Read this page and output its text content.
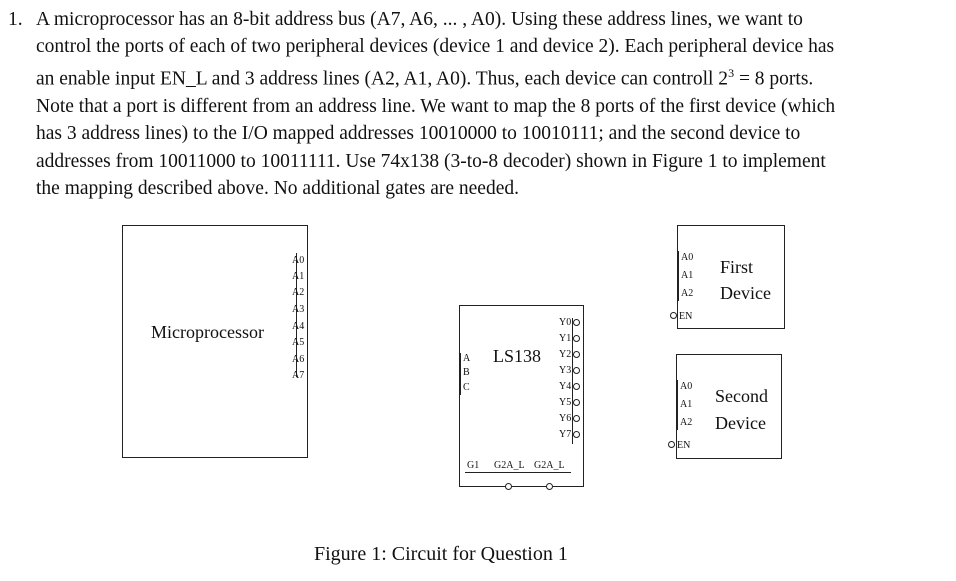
1. A microprocessor has an 8-bit address bus (A7, A6, ... , A0). Using these address lines, we want to
control the ports of each of two peripheral devices (device 1 and device 2). Each peripheral device has
an enable input EN_L and 3 address lines (A2, A1, A0). Thus, each device can controll $2^3 = 8$ ports.
Note that a port is different from an address line. We want to map the 8 ports of the first device (which
has 3 address lines) to the I/O mapped addresses 10010000 to 10010111; and the second device to
addresses from 10011000 to 10011111. Use 74x138 (3-to-8 decoder) shown in Figure 1 to implement
the mapping described above. No additional gates are needed.
Microprocessor
A0
A1
A2
A3
A4
A5
A6
A7
LS138
A
B
C
Y0
Y1
Y2
Y3
Y4
Y5
Y6
Y7
G1 G2A_L G2A_L
First
Device
A0
A1
A2
EN
Second
Device
A0
A1
A2
EN
Figure 1: Circuit for Question 1
